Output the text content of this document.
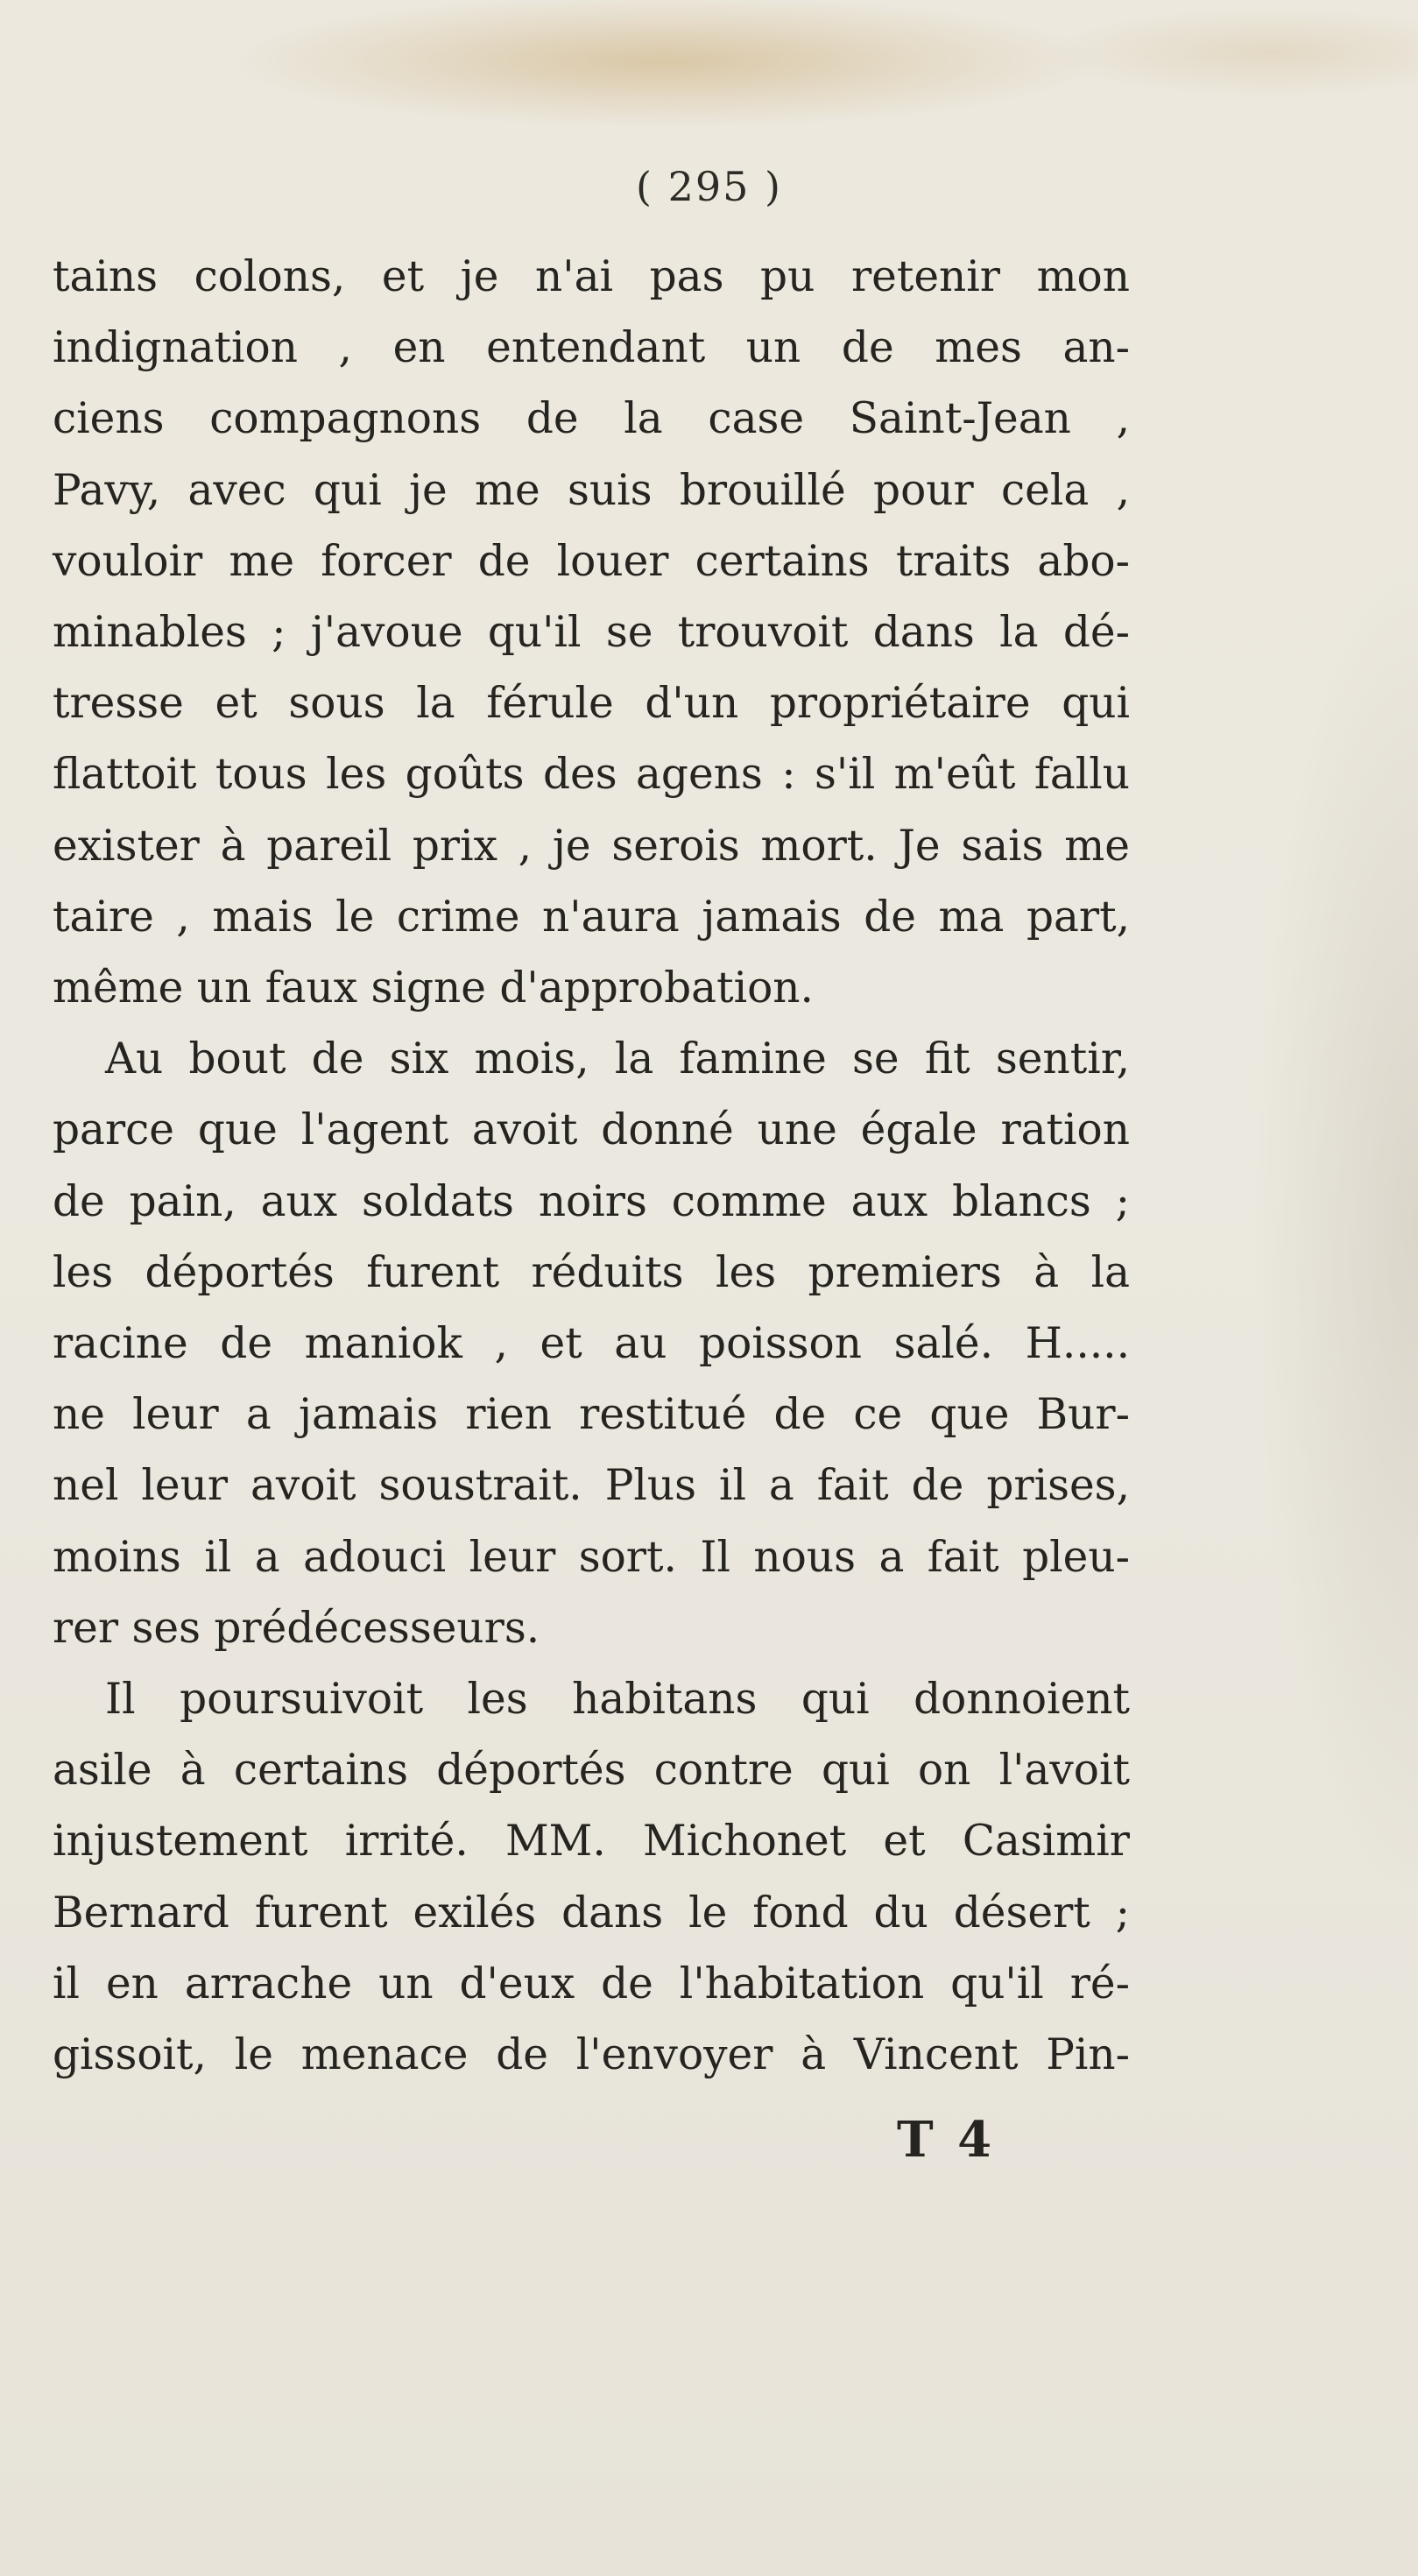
( 295 )
tains colons, et je n'ai pas pu retenir mon
indignation , en entendant un de mes an-
ciens compagnons de la case Saint-Jean ,
Pavy, avec qui je me suis brouillé pour cela ,
vouloir me forcer de louer certains traits abo-
minables ; j'avoue qu'il se trouvoit dans la dé-
tresse et sous la férule d'un propriétaire qui
flattoit tous les goûts des agens : s'il m'eût fallu
exister à pareil prix , je serois mort. Je sais me
taire , mais le crime n'aura jamais de ma part,
même un faux signe d'approbation.
Au bout de six mois, la famine se fit sentir,
parce que l'agent avoit donné une égale ration
de pain, aux soldats noirs comme aux blancs ;
les déportés furent réduits les premiers à la
racine de maniok , et au poisson salé. H.....
ne leur a jamais rien restitué de ce que Bur-
nel leur avoit soustrait. Plus il a fait de prises,
moins il a adouci leur sort. Il nous a fait pleu-
rer ses prédécesseurs.
Il poursuivoit les habitans qui donnoient
asile à certains déportés contre qui on l'avoit
injustement irrité. MM. Michonet et Casimir
Bernard furent exilés dans le fond du désert ;
il en arrache un d'eux de l'habitation qu'il ré-
gissoit, le menace de l'envoyer à Vincent Pin-
T 4
